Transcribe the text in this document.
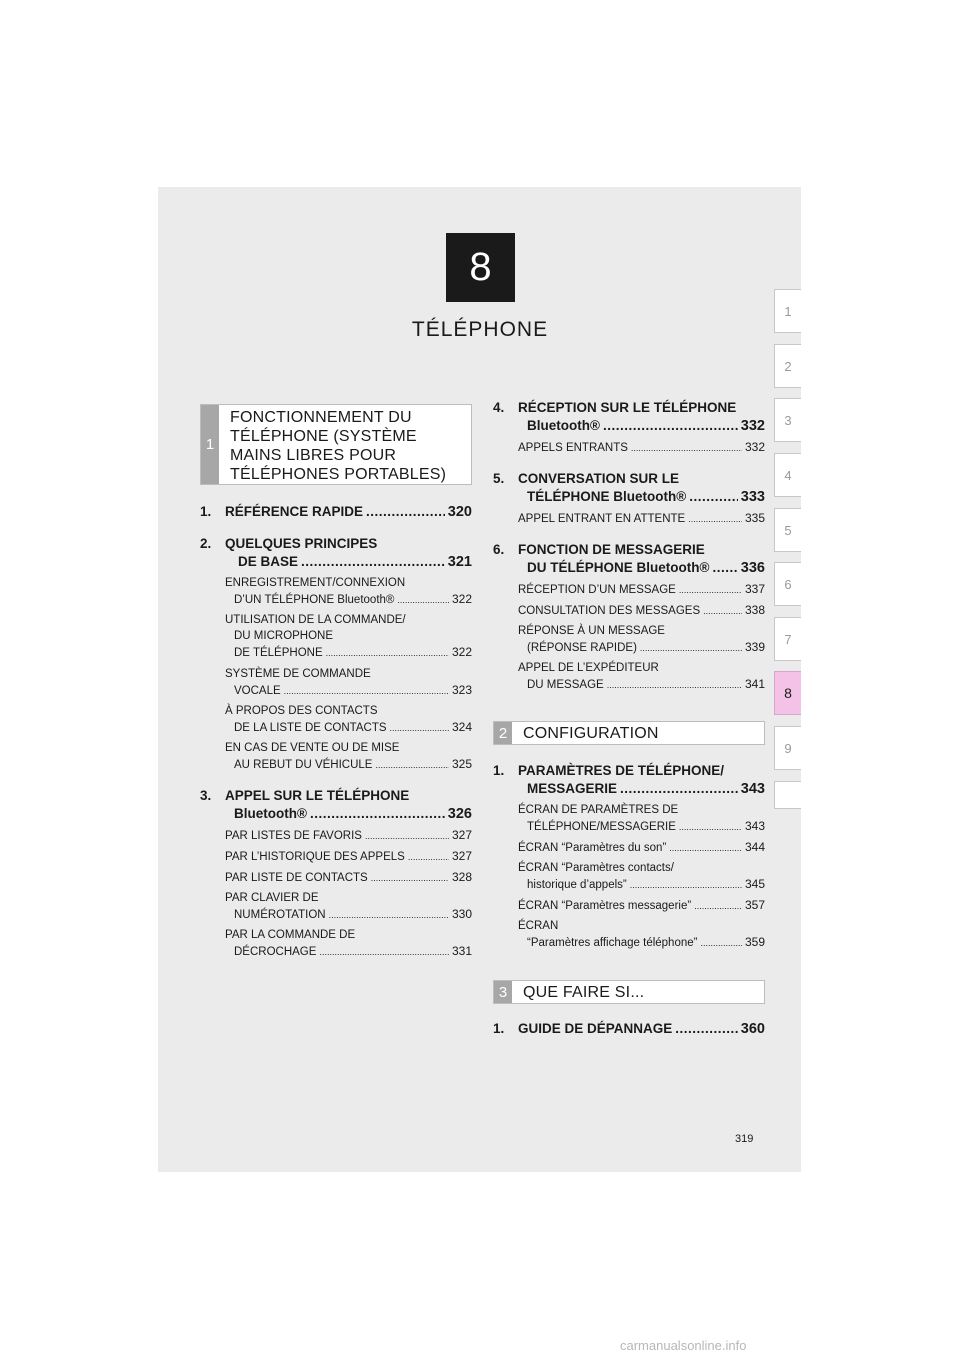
8
TÉLÉPHONE
1
2
3
4
5
6
7
8
9
1
FONCTIONNEMENT DU TÉLÉPHONE (SYSTÈME MAINS LIBRES POUR TÉLÉPHONES PORTABLES)
1.	RÉFÉRENCE RAPIDE .....	320
2.	QUELQUES PRINCIPES
DE BASE .....	321
ENREGISTREMENT/CONNEXION
D’UN TÉLÉPHONE Bluetooth® .....	322
UTILISATION DE LA COMMANDE/
DU MICROPHONE
DE TÉLÉPHONE .....	322
SYSTÈME DE COMMANDE
VOCALE .....	323
À PROPOS DES CONTACTS
DE LA LISTE DE CONTACTS .....	324
EN CAS DE VENTE OU DE MISE
AU REBUT DU VÉHICULE .....	325
3.	APPEL SUR LE TÉLÉPHONE
Bluetooth® .....	326
PAR LISTES DE FAVORIS .....	327
PAR L’HISTORIQUE DES APPELS .....	327
PAR LISTE DE CONTACTS .....	328
PAR CLAVIER DE
NUMÉROTATION .....	330
PAR LA COMMANDE DE
DÉCROCHAGE .....	331
4.	RÉCEPTION SUR LE TÉLÉPHONE
Bluetooth® .....	332
APPELS ENTRANTS .....	332
5.	CONVERSATION SUR LE
TÉLÉPHONE Bluetooth® .....	333
APPEL ENTRANT EN ATTENTE .....	335
6.	FONCTION DE MESSAGERIE
DU TÉLÉPHONE Bluetooth® ..... 336
RÉCEPTION D’UN MESSAGE .....	337
CONSULTATION DES MESSAGES .....	338
RÉPONSE À UN MESSAGE
(RÉPONSE RAPIDE) .....	339
APPEL DE L’EXPÉDITEUR
DU MESSAGE .....	341
2 CONFIGURATION
1.	PARAMÈTRES DE TÉLÉPHONE/
MESSAGERIE .....	343
ÉCRAN DE PARAMÈTRES DE
TÉLÉPHONE/MESSAGERIE .....	343
ÉCRAN “Paramètres du son” .....	344
ÉCRAN “Paramètres contacts/
historique d’appels” .....	345
ÉCRAN “Paramètres messagerie” .....	357
ÉCRAN
“Paramètres affichage téléphone” .....	359
3 QUE FAIRE SI...
1.	GUIDE DE DÉPANNAGE .....	360
319
carmanualsonline.info
